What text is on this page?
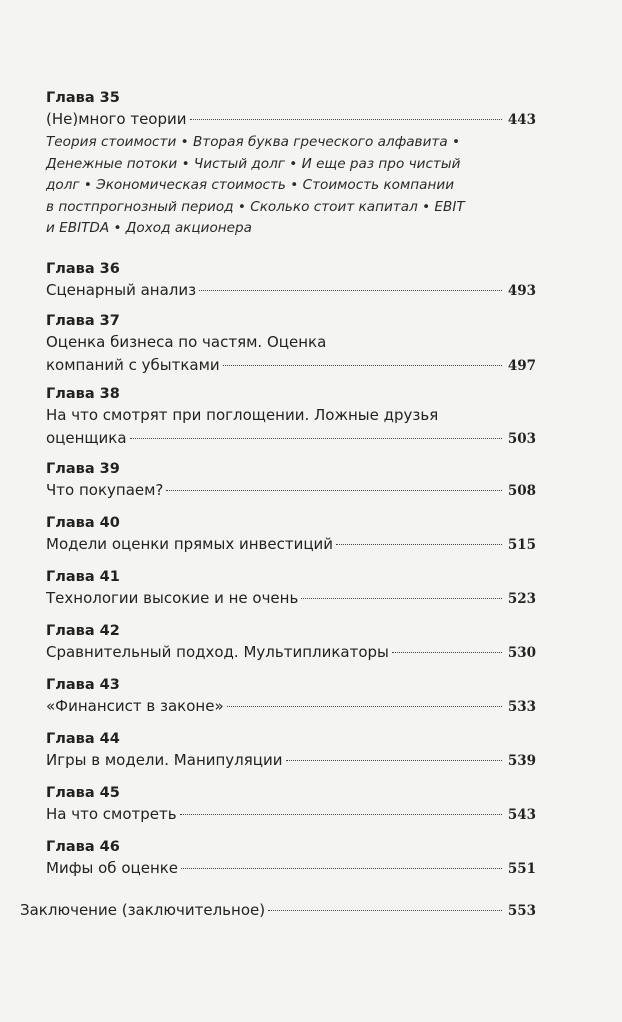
Глава 35
(Не)много теории	443
Теория стоимости • Вторая буква греческого алфавита •
Денежные потоки • Чистый долг • И еще раз про чистый
долг • Экономическая стоимость • Стоимость компании
в постпрогнозный период • Сколько стоит капитал • EBIT
и EBITDA • Доход акционера
Глава 36
Сценарный анализ	493
Глава 37
Оценка бизнеса по частям. Оценка
компаний с убытками	497
Глава 38
На что смотрят при поглощении. Ложные друзья
оценщика	503
Глава 39
Что покупаем?	508
Глава 40
Модели оценки прямых инвестиций	515
Глава 41
Технологии высокие и не очень	523
Глава 42
Сравнительный подход. Мультипликаторы	530
Глава 43
«Финансист в законе»	533
Глава 44
Игры в модели. Манипуляции	539
Глава 45
На что смотреть	543
Глава 46
Мифы об оценке	551
Заключение (заключительное)	553
